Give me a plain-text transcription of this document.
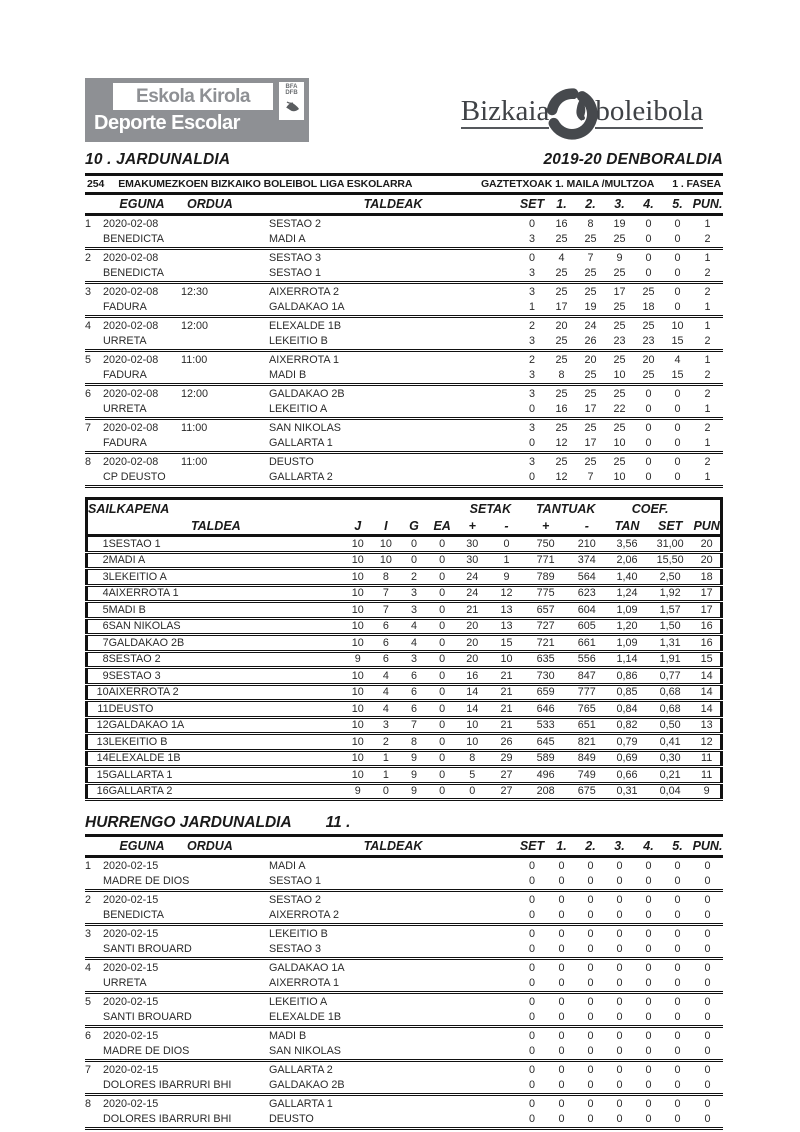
Eskola Kirola
Deporte Escolar
BFA
DFB
Bizkaia boleibola
10 . JARDUNALDIA	2019-20 DENBORALDIA
254 EMAKUMEZKOEN BIZKAIKO BOLEIBOL LIGA ESKOLARRA	GAZTETXOAK 1. MAILA /MULTZOA 1 . FASEA
	EGUNA	ORDUA	TALDEAK	SET	1.	2.	3.	4.	5.	PUN.
1	2020-02-08		SESTAO 2	0	16	8	19	0	0	1
	BENEDICTA		MADI A	3	25	25	25	0	0	2
2	2020-02-08		SESTAO 3	0	4	7	9	0	0	1
	BENEDICTA		SESTAO 1	3	25	25	25	0	0	2
3	2020-02-08	12:30	AIXERROTA 2	3	25	25	17	25	0	2
	FADURA		GALDAKAO 1A	1	17	19	25	18	0	1
4	2020-02-08	12:00	ELEXALDE 1B	2	20	24	25	25	10	1
	URRETA		LEKEITIO B	3	25	26	23	23	15	2
5	2020-02-08	11:00	AIXERROTA 1	2	25	20	25	20	4	1
	FADURA		MADI B	3	8	25	10	25	15	2
6	2020-02-08	12:00	GALDAKAO 2B	3	25	25	25	0	0	2
	URRETA		LEKEITIO A	0	16	17	22	0	0	1
7	2020-02-08	11:00	SAN NIKOLAS	3	25	25	25	0	0	2
	FADURA		GALLARTA 1	0	12	17	10	0	0	1
8	2020-02-08	11:00	DEUSTO	3	25	25	25	0	0	2
	CP DEUSTO		GALLARTA 2	0	12	7	10	0	0	1
SAILKAPENA						SETAK		TANTUAK		COEF.		
TALDEA		J	I	G	EA	+	-	+	-	TAN	SET	PUN
1	SESTAO 1	10	10	0	0	30	0	750	210	3,56	31,00	20
2	MADI A	10	10	0	0	30	1	771	374	2,06	15,50	20
3	LEKEITIO A	10	8	2	0	24	9	789	564	1,40	2,50	18
4	AIXERROTA 1	10	7	3	0	24	12	775	623	1,24	1,92	17
5	MADI B	10	7	3	0	21	13	657	604	1,09	1,57	17
6	SAN NIKOLAS	10	6	4	0	20	13	727	605	1,20	1,50	16
7	GALDAKAO 2B	10	6	4	0	20	15	721	661	1,09	1,31	16
8	SESTAO 2	9	6	3	0	20	10	635	556	1,14	1,91	15
9	SESTAO 3	10	4	6	0	16	21	730	847	0,86	0,77	14
10	AIXERROTA 2	10	4	6	0	14	21	659	777	0,85	0,68	14
11	DEUSTO	10	4	6	0	14	21	646	765	0,84	0,68	14
12	GALDAKAO 1A	10	3	7	0	10	21	533	651	0,82	0,50	13
13	LEKEITIO B	10	2	8	0	10	26	645	821	0,79	0,41	12
14	ELEXALDE 1B	10	1	9	0	8	29	589	849	0,69	0,30	11
15	GALLARTA 1	10	1	9	0	5	27	496	749	0,66	0,21	11
16	GALLARTA 2	9	0	9	0	0	27	208	675	0,31	0,04	9
HURRENGO JARDUNALDIA 11 .
	EGUNA	ORDUA	TALDEAK	SET	1.	2.	3.	4.	5.	PUN.
1	2020-02-15		MADI A	0	0	0	0	0	0	0
	MADRE DE DIOS		SESTAO 1	0	0	0	0	0	0	0
2	2020-02-15		SESTAO 2	0	0	0	0	0	0	0
	BENEDICTA		AIXERROTA 2	0	0	0	0	0	0	0
3	2020-02-15		LEKEITIO B	0	0	0	0	0	0	0
	SANTI BROUARD		SESTAO 3	0	0	0	0	0	0	0
4	2020-02-15		GALDAKAO 1A	0	0	0	0	0	0	0
	URRETA		AIXERROTA 1	0	0	0	0	0	0	0
5	2020-02-15		LEKEITIO A	0	0	0	0	0	0	0
	SANTI BROUARD		ELEXALDE 1B	0	0	0	0	0	0	0
6	2020-02-15		MADI B	0	0	0	0	0	0	0
	MADRE DE DIOS		SAN NIKOLAS	0	0	0	0	0	0	0
7	2020-02-15		GALLARTA 2	0	0	0	0	0	0	0
	DOLORES IBARRURI BHI		GALDAKAO 2B	0	0	0	0	0	0	0
8	2020-02-15		GALLARTA 1	0	0	0	0	0	0	0
	DOLORES IBARRURI BHI		DEUSTO	0	0	0	0	0	0	0
